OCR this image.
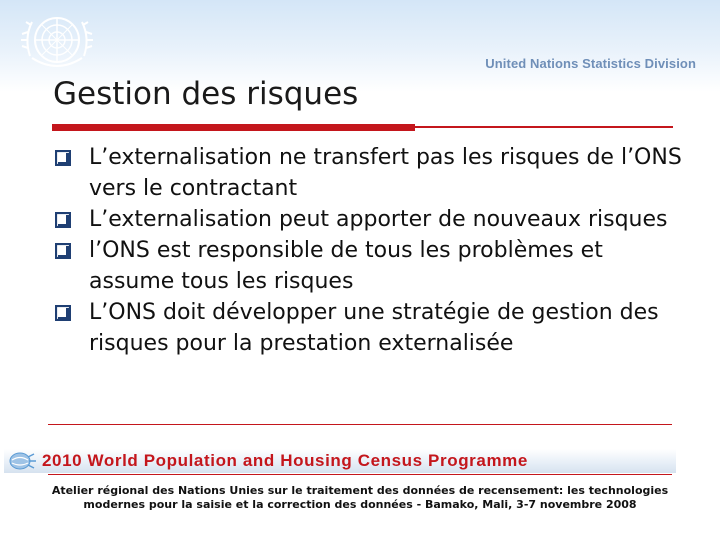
United Nations Statistics Division
Gestion des risques
L’externalisation ne transfert pas les risques de l’ONS vers le contractant
L’externalisation peut apporter de nouveaux risques
l’ONS est responsible de tous les problèmes et assume tous les risques
L’ONS doit développer une stratégie de gestion des risques pour la prestation externalisée
2010 World Population and Housing Census Programme
Atelier régional des Nations Unies sur le traitement des données de recensement: les technologies modernes pour la saisie et la correction des données - Bamako, Mali, 3-7 novembre 2008
